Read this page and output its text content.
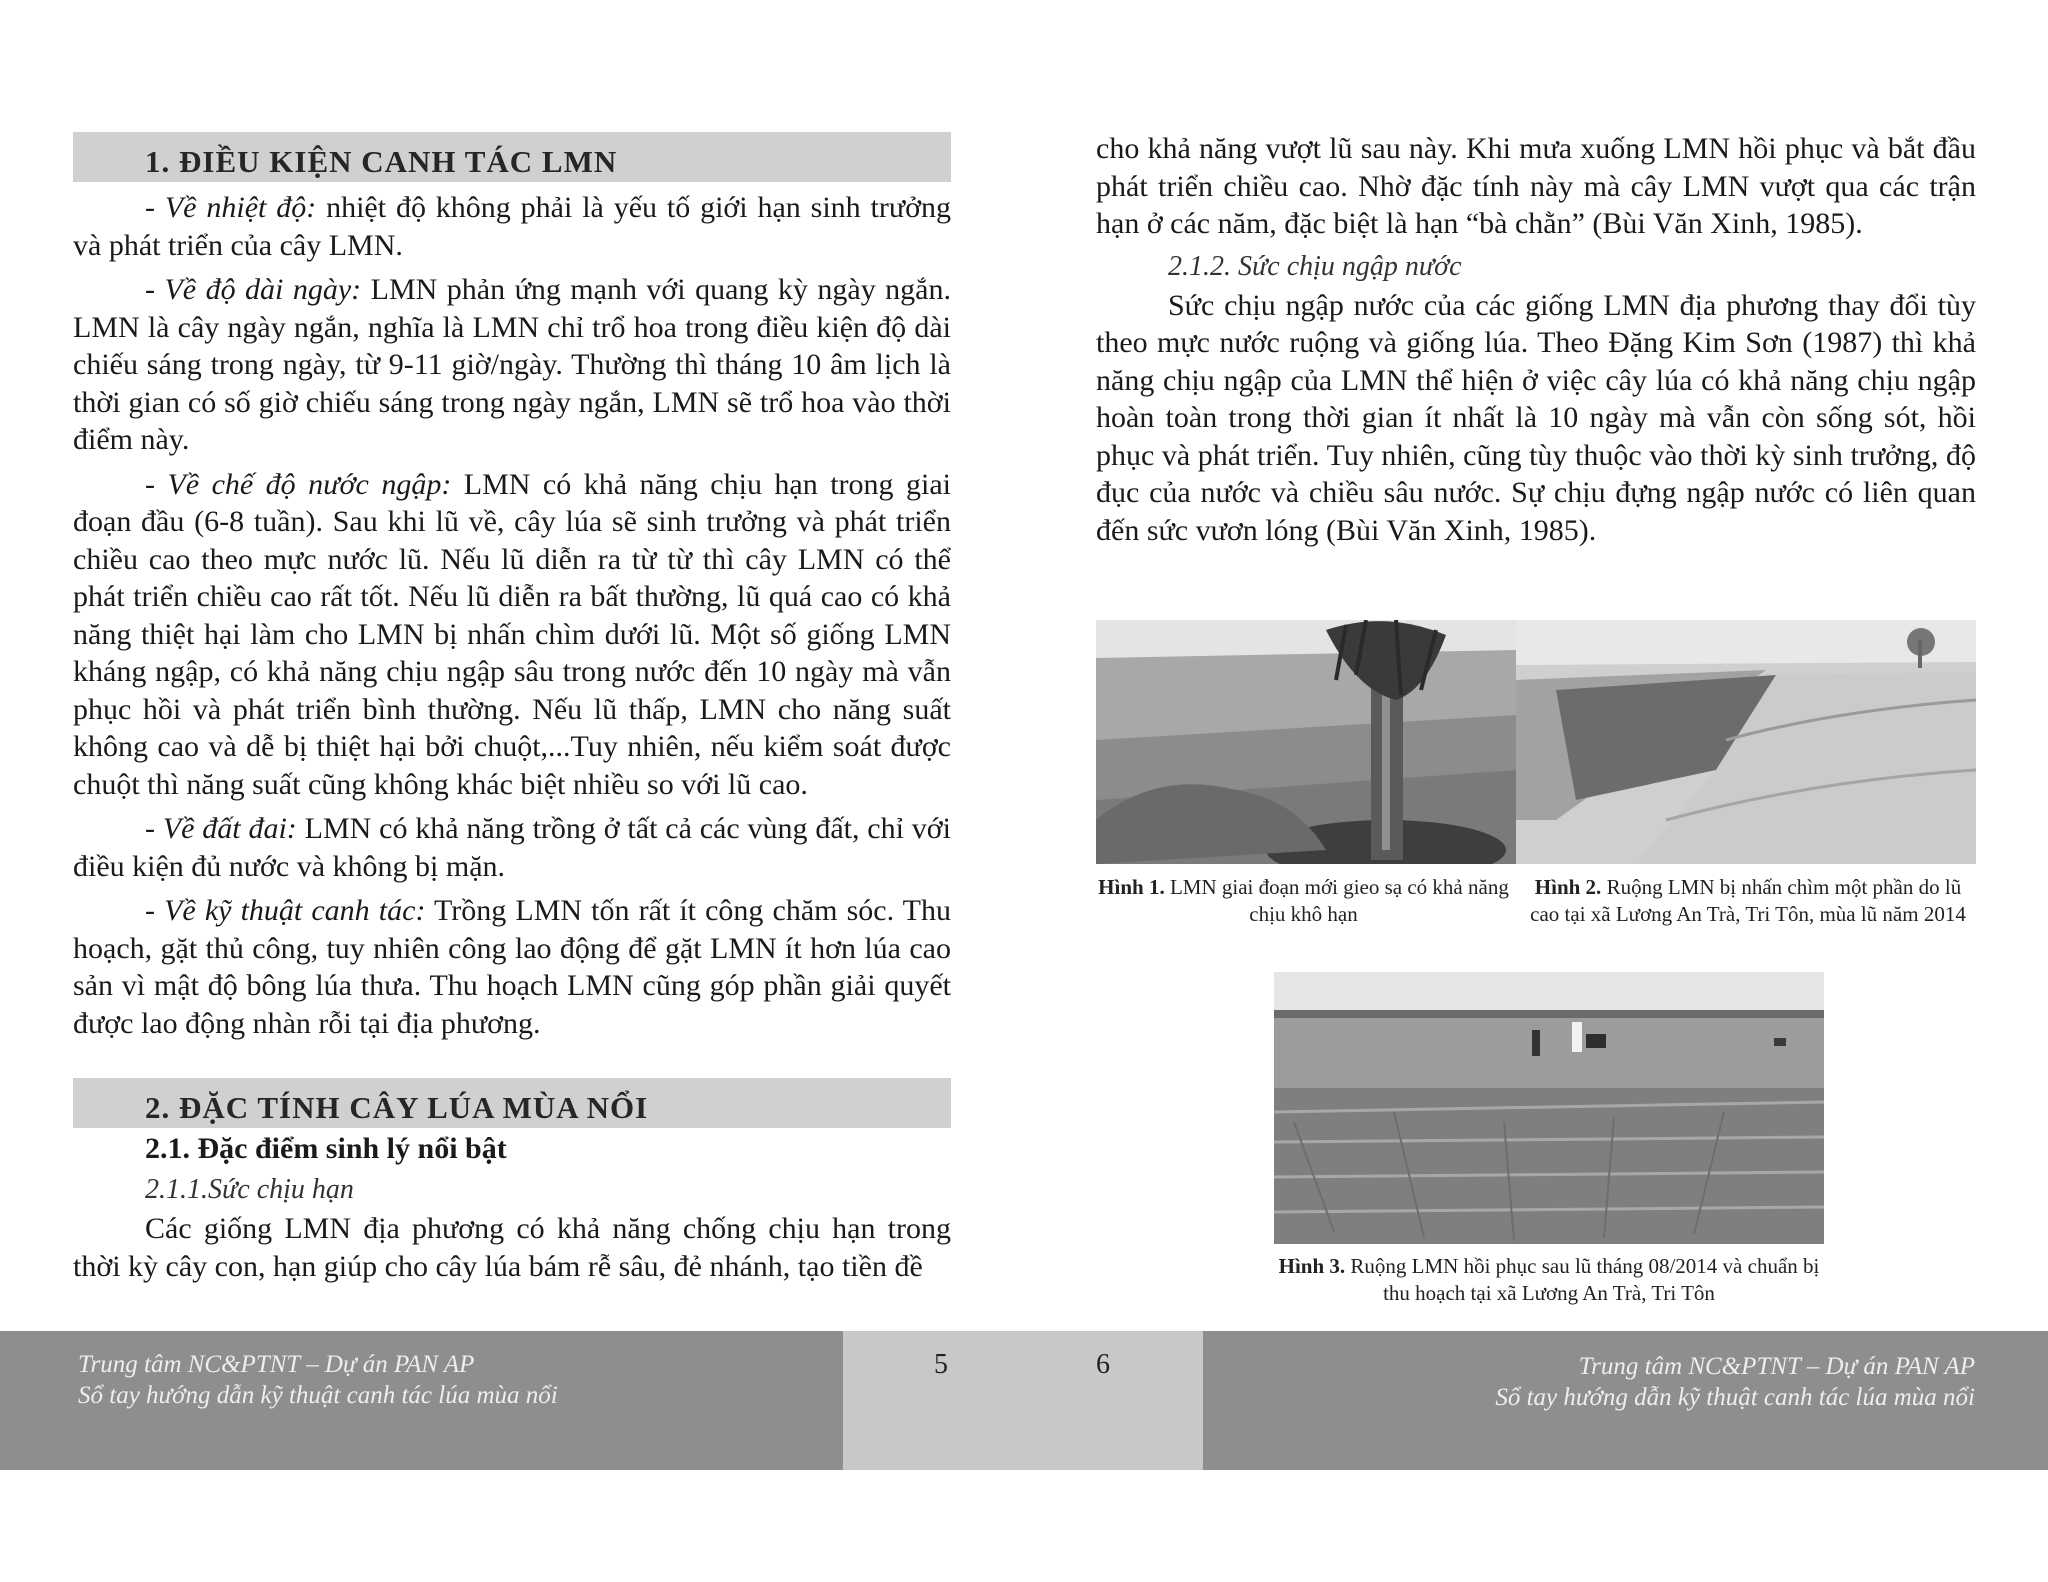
1. ĐIỀU KIỆN CANH TÁC LMN

- Về nhiệt độ: nhiệt độ không phải là yếu tố giới hạn sinh trưởng và phát triển của cây LMN.

- Về độ dài ngày: LMN phản ứng mạnh với quang kỳ ngày ngắn. LMN là cây ngày ngắn, nghĩa là LMN chỉ trổ hoa trong điều kiện độ dài chiếu sáng trong ngày, từ 9-11 giờ/ngày. Thường thì tháng 10 âm lịch là thời gian có số giờ chiếu sáng trong ngày ngắn, LMN sẽ trổ hoa vào thời điểm này.

- Về chế độ nước ngập: LMN có khả năng chịu hạn trong giai đoạn đầu (6-8 tuần). Sau khi lũ về, cây lúa sẽ sinh trưởng và phát triển chiều cao theo mực nước lũ. Nếu lũ diễn ra từ từ thì cây LMN có thể phát triển chiều cao rất tốt. Nếu lũ diễn ra bất thường, lũ quá cao có khả năng thiệt hại làm cho LMN bị nhấn chìm dưới lũ. Một số giống LMN kháng ngập, có khả năng chịu ngập sâu trong nước đến 10 ngày mà vẫn phục hồi và phát triển bình thường. Nếu lũ thấp, LMN cho năng suất không cao và dễ bị thiệt hại bởi chuột,...Tuy nhiên, nếu kiểm soát được chuột thì năng suất cũng không khác biệt nhiều so với lũ cao.

- Về đất đai: LMN có khả năng trồng ở tất cả các vùng đất, chỉ với điều kiện đủ nước và không bị mặn.

- Về kỹ thuật canh tác: Trồng LMN tốn rất ít công chăm sóc. Thu hoạch, gặt thủ công, tuy nhiên công lao động để gặt LMN ít hơn lúa cao sản vì mật độ bông lúa thưa. Thu hoạch LMN cũng góp phần giải quyết được lao động nhàn rỗi tại địa phương.

2. ĐẶC TÍNH CÂY LÚA MÙA NỔI
2.1. Đặc điểm sinh lý nổi bật
2.1.1.Sức chịu hạn

Các giống LMN địa phương có khả năng chống chịu hạn trong thời kỳ cây con, hạn giúp cho cây lúa bám rễ sâu, đẻ nhánh, tạo tiền đề

cho khả năng vượt lũ sau này. Khi mưa xuống LMN hồi phục và bắt đầu phát triển chiều cao. Nhờ đặc tính này mà cây LMN vượt qua các trận hạn ở các năm, đặc biệt là hạn “bà chằn” (Bùi Văn Xinh, 1985).

2.1.2. Sức chịu ngập nước

Sức chịu ngập nước của các giống LMN địa phương thay đổi tùy theo mực nước ruộng và giống lúa. Theo Đặng Kim Sơn (1987) thì khả năng chịu ngập của LMN thể hiện ở việc cây lúa có khả năng chịu ngập hoàn toàn trong thời gian ít nhất là 10 ngày mà vẫn còn sống sót, hồi phục và phát triển. Tuy nhiên, cũng tùy thuộc vào thời kỳ sinh trưởng, độ đục của nước và chiều sâu nước. Sự chịu đựng ngập nước có liên quan đến sức vươn lóng (Bùi Văn Xinh, 1985).

Hình 1. LMN giai đoạn mới gieo sạ có khả năng chịu khô hạn
Hình 2. Ruộng LMN bị nhấn chìm một phần do lũ cao tại xã Lương An Trà, Tri Tôn, mùa lũ năm 2014
Hình 3. Ruộng LMN hồi phục sau lũ tháng 08/2014 và chuẩn bị thu hoạch tại xã Lương An Trà, Tri Tôn
Trung tâm NC&PTNT – Dự án PAN AP
Sổ tay hướng dẫn kỹ thuật canh tác lúa mùa nổi
5	6	Trung tâm NC&PTNT – Dự án PAN AP
Sổ tay hướng dẫn kỹ thuật canh tác lúa mùa nổi
